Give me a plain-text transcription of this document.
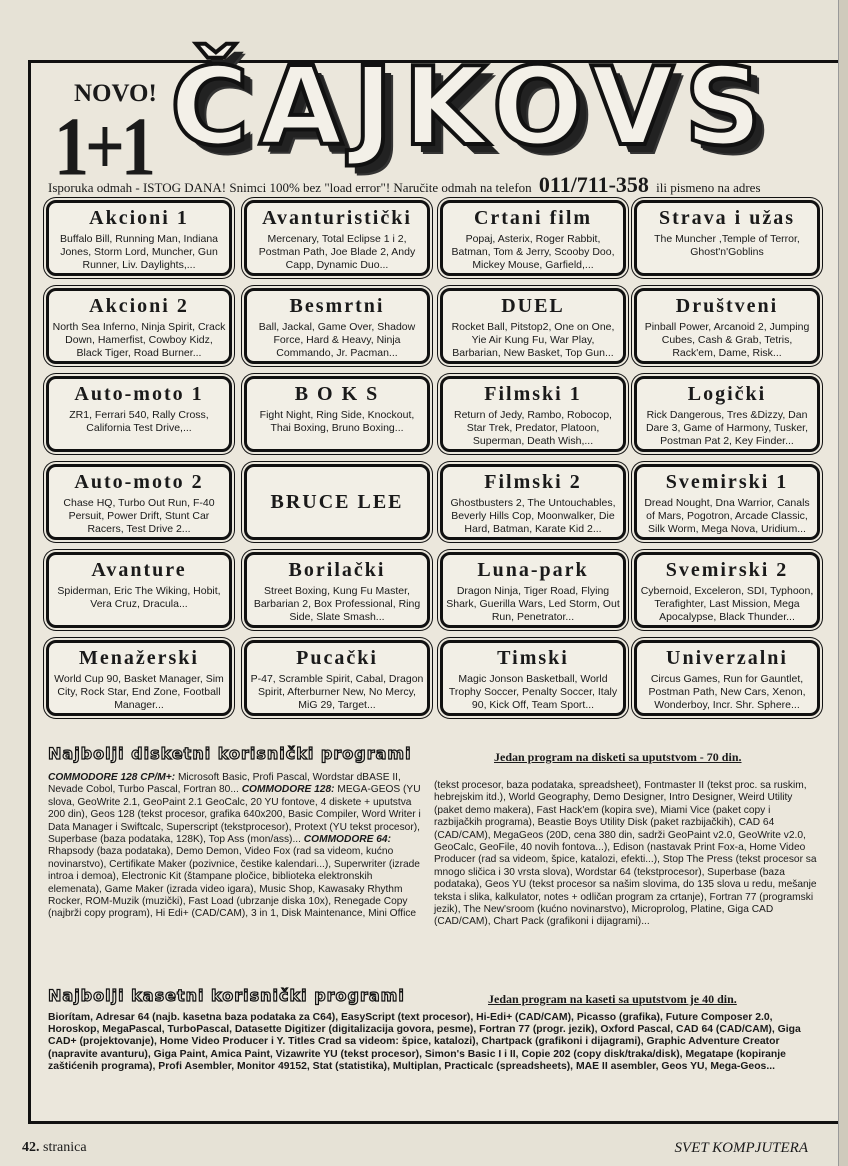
ČAJKOVS
NOVO!
1+1
Isporuka odmah - ISTOG DANA! Snimci 100% bez "load error"! Naručite odmah na telefon 011/711-358 ili pismeno na adres
Akcioni 1
Buffalo Bill, Running Man, Indiana Jones, Storm Lord, Muncher, Gun Runner, Liv. Daylights,...
Avanturistički
Mercenary, Total Eclipse 1 i 2, Postman Path, Joe Blade 2, Andy Capp, Dynamic Duo...
Crtani film
Popaj, Asterix, Roger Rabbit, Batman, Tom & Jerry, Scooby Doo, Mickey Mouse, Garfield,...
Strava i užas
The Muncher ,Temple of Terror, Ghost'n'Goblins
Akcioni 2
North Sea Inferno, Ninja Spirit, Crack Down, Hamerfist, Cowboy Kidz, Black Tiger, Road Burner...
Besmrtni
Ball, Jackal, Game Over, Shadow Force, Hard & Heavy, Ninja Commando, Jr. Pacman...
DUEL
Rocket Ball, Pitstop2, One on One, Yie Air Kung Fu, War Play, Barbarian, New Basket, Top Gun...
Društveni
Pinball Power, Arcanoid 2, Jumping Cubes, Cash & Grab, Tetris, Rack'em, Dame, Risk...
Auto-moto 1
ZR1, Ferrari 540, Rally Cross, California Test Drive,...
B O K S
Fight Night, Ring Side, Knockout, Thai Boxing, Bruno Boxing...
Filmski 1
Return of Jedy, Rambo, Robocop, Star Trek, Predator, Platoon, Superman, Death Wish,...
Logički
Rick Dangerous, Tres &Dizzy, Dan Dare 3, Game of Harmony, Tusker, Postman Pat 2, Key Finder...
Auto-moto 2
Chase HQ, Turbo Out Run, F-40 Persuit, Power Drift, Stunt Car Racers, Test Drive 2...
BRUCE LEE
Filmski 2
Ghostbusters 2, The Untouchables, Beverly Hills Cop, Moonwalker, Die Hard, Batman, Karate Kid 2...
Svemirski 1
Dread Nought, Dna Warrior, Canals of Mars, Pogotron, Arcade Classic, Silk Worm, Mega Nova, Uridium...
Avanture
Spiderman, Eric The Wiking, Hobit, Vera Cruz, Dracula...
Borilački
Street Boxing, Kung Fu Master, Barbarian 2, Box Professional, Ring Side, Slate Smash...
Luna-park
Dragon Ninja, Tiger Road, Flying Shark, Guerilla Wars, Led Storm, Out Run, Penetrator...
Svemirski 2
Cybernoid, Exceleron, SDI, Typhoon, Terafighter, Last Mission, Mega Apocalypse, Black Thunder...
Menažerski
World Cup 90, Basket Manager, Sim City, Rock Star, End Zone, Football Manager...
Pucački
P-47, Scramble Spirit, Cabal, Dragon Spirit, Afterburner New, No Mercy, MiG 29, Target...
Timski
Magic Jonson Basketball, World Trophy Soccer, Penalty Soccer, Italy 90, Kick Off, Team Sport...
Univerzalni
Circus Games, Run for Gauntlet, Postman Path, New Cars, Xenon, Wonderboy, Incr. Shr. Sphere...
Najbolji disketni korisnički programi	Jedan program na disketi sa uputstvom - 70 din.
COMMODORE 128 CP/M+: Microsoft Basic, Profi Pascal, Wordstar dBASE II, Nevade Cobol, Turbo Pascal, Fortran 80... COMMODORE 128: MEGA-GEOS (YU slova, GeoWrite 2.1, GeoPaint 2.1 GeoCalc, 20 YU fontove, 4 diskete + uputstva 200 din), Geos 128 (tekst procesor, grafika 640x200, Basic Compiler, Word Writer i Data Manager i Swiftcalc, Superscript (tekstprocesor), Protext (YU tekst procesor), Superbase (baza podataka, 128K), Top Ass (mon/ass)... COMMODORE 64: Rhapsody (baza podataka), Demo Demon, Video Fox (rad sa videom, kućno novinarstvo), Certifikate Maker (pozivnice, čestike kalendari...), Superwriter (izrade introa i demoa), Electronic Kit (štampane pločice, biblioteka elektronskih elemenata), Game Maker (izrada video igara), Music Shop, Kawasaky Rhythm Rocker, ROM-Muzik (muzički), Fast Load (ubrzanje diska 10x), Renegade Copy (najbrži copy program), Hi Edi+ (CAD/CAM), 3 in 1, Disk Maintenance, Mini Office
(tekst procesor, baza podataka, spreadsheet), Fontmaster II (tekst proc. sa ruskim, hebrejskim itd.), World Geography, Demo Designer, Intro Designer, Weird Utility (paket demo makera), Fast Hack'em (kopira sve), Miami Vice (paket copy i razbijačkih programa), Beastie Boys Utility Disk (paket razbijačkih), CAD 64 (CAD/CAM), MegaGeos (20D, cena 380 din, sadrži GeoPaint v2.0, GeoWrite v2.0, GeoCalc, GeoFile, 40 novih fontova...), Edison (nastavak Print Fox-a, Home Video Producer (rad sa videom, špice, katalozi, efekti...), Stop The Press (tekst procesor sa mnogo sličica i 30 vrsta slova), Wordstar 64 (tekstprocesor), Superbase (baza podataka), Geos YU (tekst procesor sa našim slovima, do 135 slova u redu, mešanje teksta i slika, kalkulator, notes + odličan program za crtanje), Fortran 77 (programski jezik), The New'sroom (kućno novinarstvo), Microprolog, Platine, Giga CAD (CAD/CAM), Chart Pack (grafikoni i dijagrami)...
Najbolji kasetni korisnički programi	Jedan program na kaseti sa uputstvom je 40 din.
Biorítam, Adresar 64 (najb. kasetna baza podataka za C64), EasyScript (text procesor), Hi-Edi+ (CAD/CAM), Picasso (grafika), Future Composer 2.0, Horoskop, MegaPascal, TurboPascal, Datasette Digitizer (digitalizacija govora, pesme), Fortran 77 (progr. jezik), Oxford Pascal, CAD 64 (CAD/CAM), Giga CAD+ (projektovanje), Home Video Producer i Y. Titles Crad sa videom: špice, katalozi), Chartpack (grafikoni i dijagrami), Graphic Adventure Creator (napravite avanturu), Giga Paint, Amica Paint, Vizawrite YU (tekst procesor), Simon's Basic I i II, Copie 202 (copy disk/traka/disk), Megatape (kopiranje zaštićenih programa), Profi Asembler, Monitor 49152, Stat (statistika), Multiplan, Practicalc (spreadsheets), MAE II asembler, Geos YU, Mega-Geos...
42. stranica	SVET KOMPJUTERA
